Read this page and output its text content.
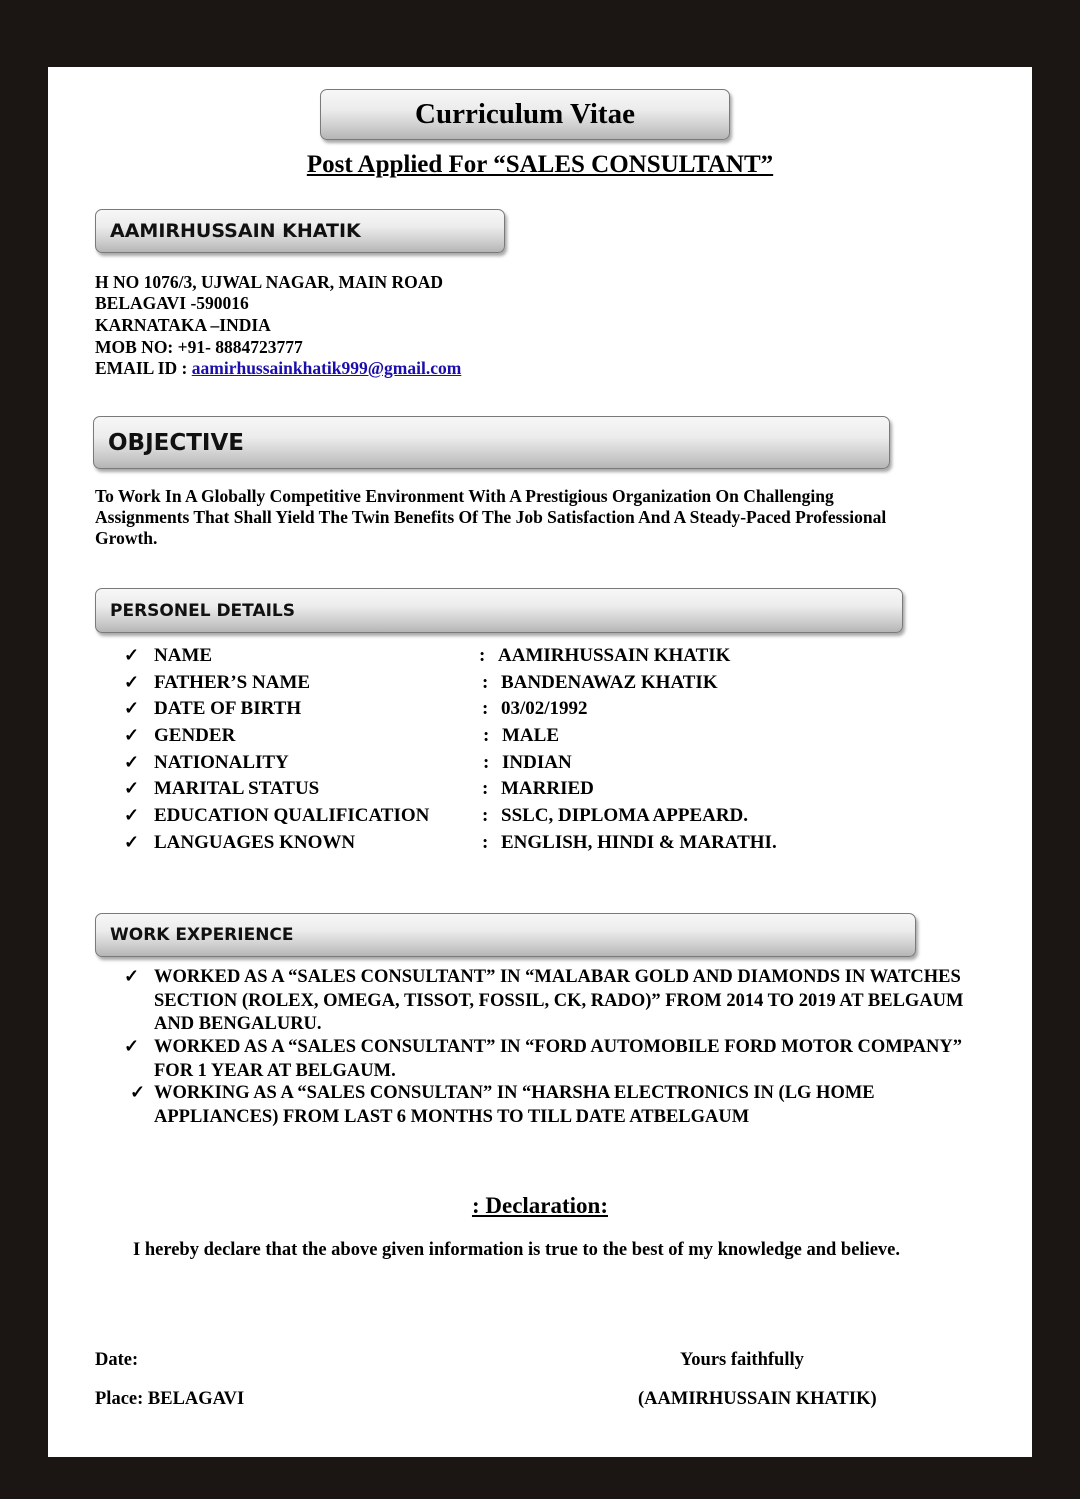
Curriculum Vitae
Post Applied For “SALES CONSULTANT”
AAMIRHUSSAIN KHATIK
H NO 1076/3, UJWAL NAGAR, MAIN ROAD
BELAGAVI -590016
KARNATAKA –INDIA
MOB NO: +91- 8884723777
EMAIL ID : aamirhussainkhatik999@gmail.com
OBJECTIVE
To Work In A Globally Competitive Environment With A Prestigious Organization On Challenging
Assignments That Shall Yield The Twin Benefits Of The Job Satisfaction And A Steady-Paced Professional
Growth.
PERSONEL DETAILS
✓ NAME	: AAMIRHUSSAIN KHATIK
✓ FATHER’S NAME	: BANDENAWAZ KHATIK
✓ DATE OF BIRTH	: 03/02/1992
✓ GENDER	: MALE
✓ NATIONALITY	: INDIAN
✓ MARITAL STATUS	: MARRIED
✓ EDUCATION QUALIFICATION	: SSLC, DIPLOMA APPEARD.
✓ LANGUAGES KNOWN	: ENGLISH, HINDI & MARATHI.
WORK EXPERIENCE
✓ WORKED AS A “SALES CONSULTANT” IN “MALABAR GOLD AND DIAMONDS IN WATCHES SECTION (ROLEX, OMEGA, TISSOT, FOSSIL, CK, RADO)” FROM 2014 TO 2019 AT BELGAUM AND BENGALURU.
✓ WORKED AS A “SALES CONSULTANT” IN “FORD AUTOMOBILE FORD MOTOR COMPANY” FOR 1 YEAR AT BELGAUM.
✓ WORKING AS A “SALES CONSULTAN” IN “HARSHA ELECTRONICS IN (LG HOME APPLIANCES) FROM LAST 6 MONTHS TO TILL DATE ATBELGAUM
: Declaration:
I hereby declare that the above given information is true to the best of my knowledge and believe.
Date:
Place: BELAGAVI
Yours faithfully
(AAMIRHUSSAIN KHATIK)
